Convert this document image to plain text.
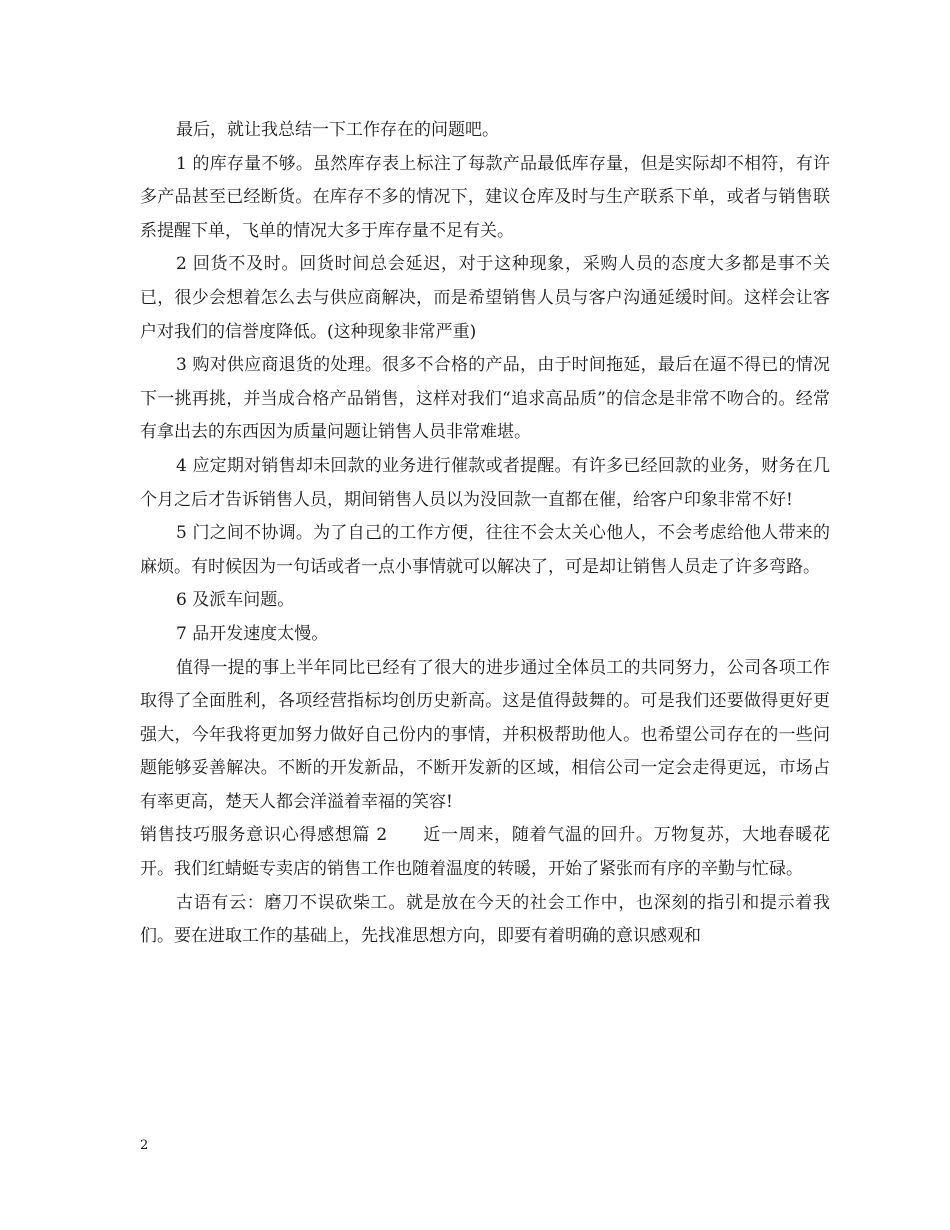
最后，就让我总结一下工作存在的问题吧。

1 的库存量不够。虽然库存表上标注了每款产品最低库存量，但是实际却不相符，有许多产品甚至已经断货。在库存不多的情况下，建议仓库及时与生产联系下单，或者与销售联系提醒下单，飞单的情况大多于库存量不足有关。

2 回货不及时。回货时间总会延迟，对于这种现象，采购人员的态度大多都是事不关已，很少会想着怎么去与供应商解决，而是希望销售人员与客户沟通延缓时间。这样会让客户对我们的信誉度降低。(这种现象非常严重)

3 购对供应商退货的处理。很多不合格的产品，由于时间拖延，最后在逼不得已的情况下一挑再挑，并当成合格产品销售，这样对我们“追求高品质”的信念是非常不吻合的。经常有拿出去的东西因为质量问题让销售人员非常难堪。

4 应定期对销售却未回款的业务进行催款或者提醒。有许多已经回款的业务，财务在几个月之后才告诉销售人员，期间销售人员以为没回款一直都在催，给客户印象非常不好!

5 门之间不协调。为了自己的工作方便，往往不会太关心他人，不会考虑给他人带来的麻烦。有时候因为一句话或者一点小事情就可以解决了，可是却让销售人员走了许多弯路。

6 及派车问题。

7 品开发速度太慢。

值得一提的事上半年同比已经有了很大的进步通过全体员工的共同努力，公司各项工作取得了全面胜利，各项经营指标均创历史新高。这是值得鼓舞的。可是我们还要做得更好更强大，今年我将更加努力做好自己份内的事情，并积极帮助他人。也希望公司存在的一些问题能够妥善解决。不断的开发新品，不断开发新的区域，相信公司一定会走得更远，市场占有率更高，楚天人都会洋溢着幸福的笑容!

销售技巧服务意识心得感想篇 2　　近一周来，随着气温的回升。万物复苏，大地春暖花开。我们红蜻蜓专卖店的销售工作也随着温度的转暖，开始了紧张而有序的辛勤与忙碌。

古语有云：磨刀不误砍柴工。就是放在今天的社会工作中，也深刻的指引和提示着我们。要在进取工作的基础上，先找准思想方向，即要有着明确的意识感观和

2
